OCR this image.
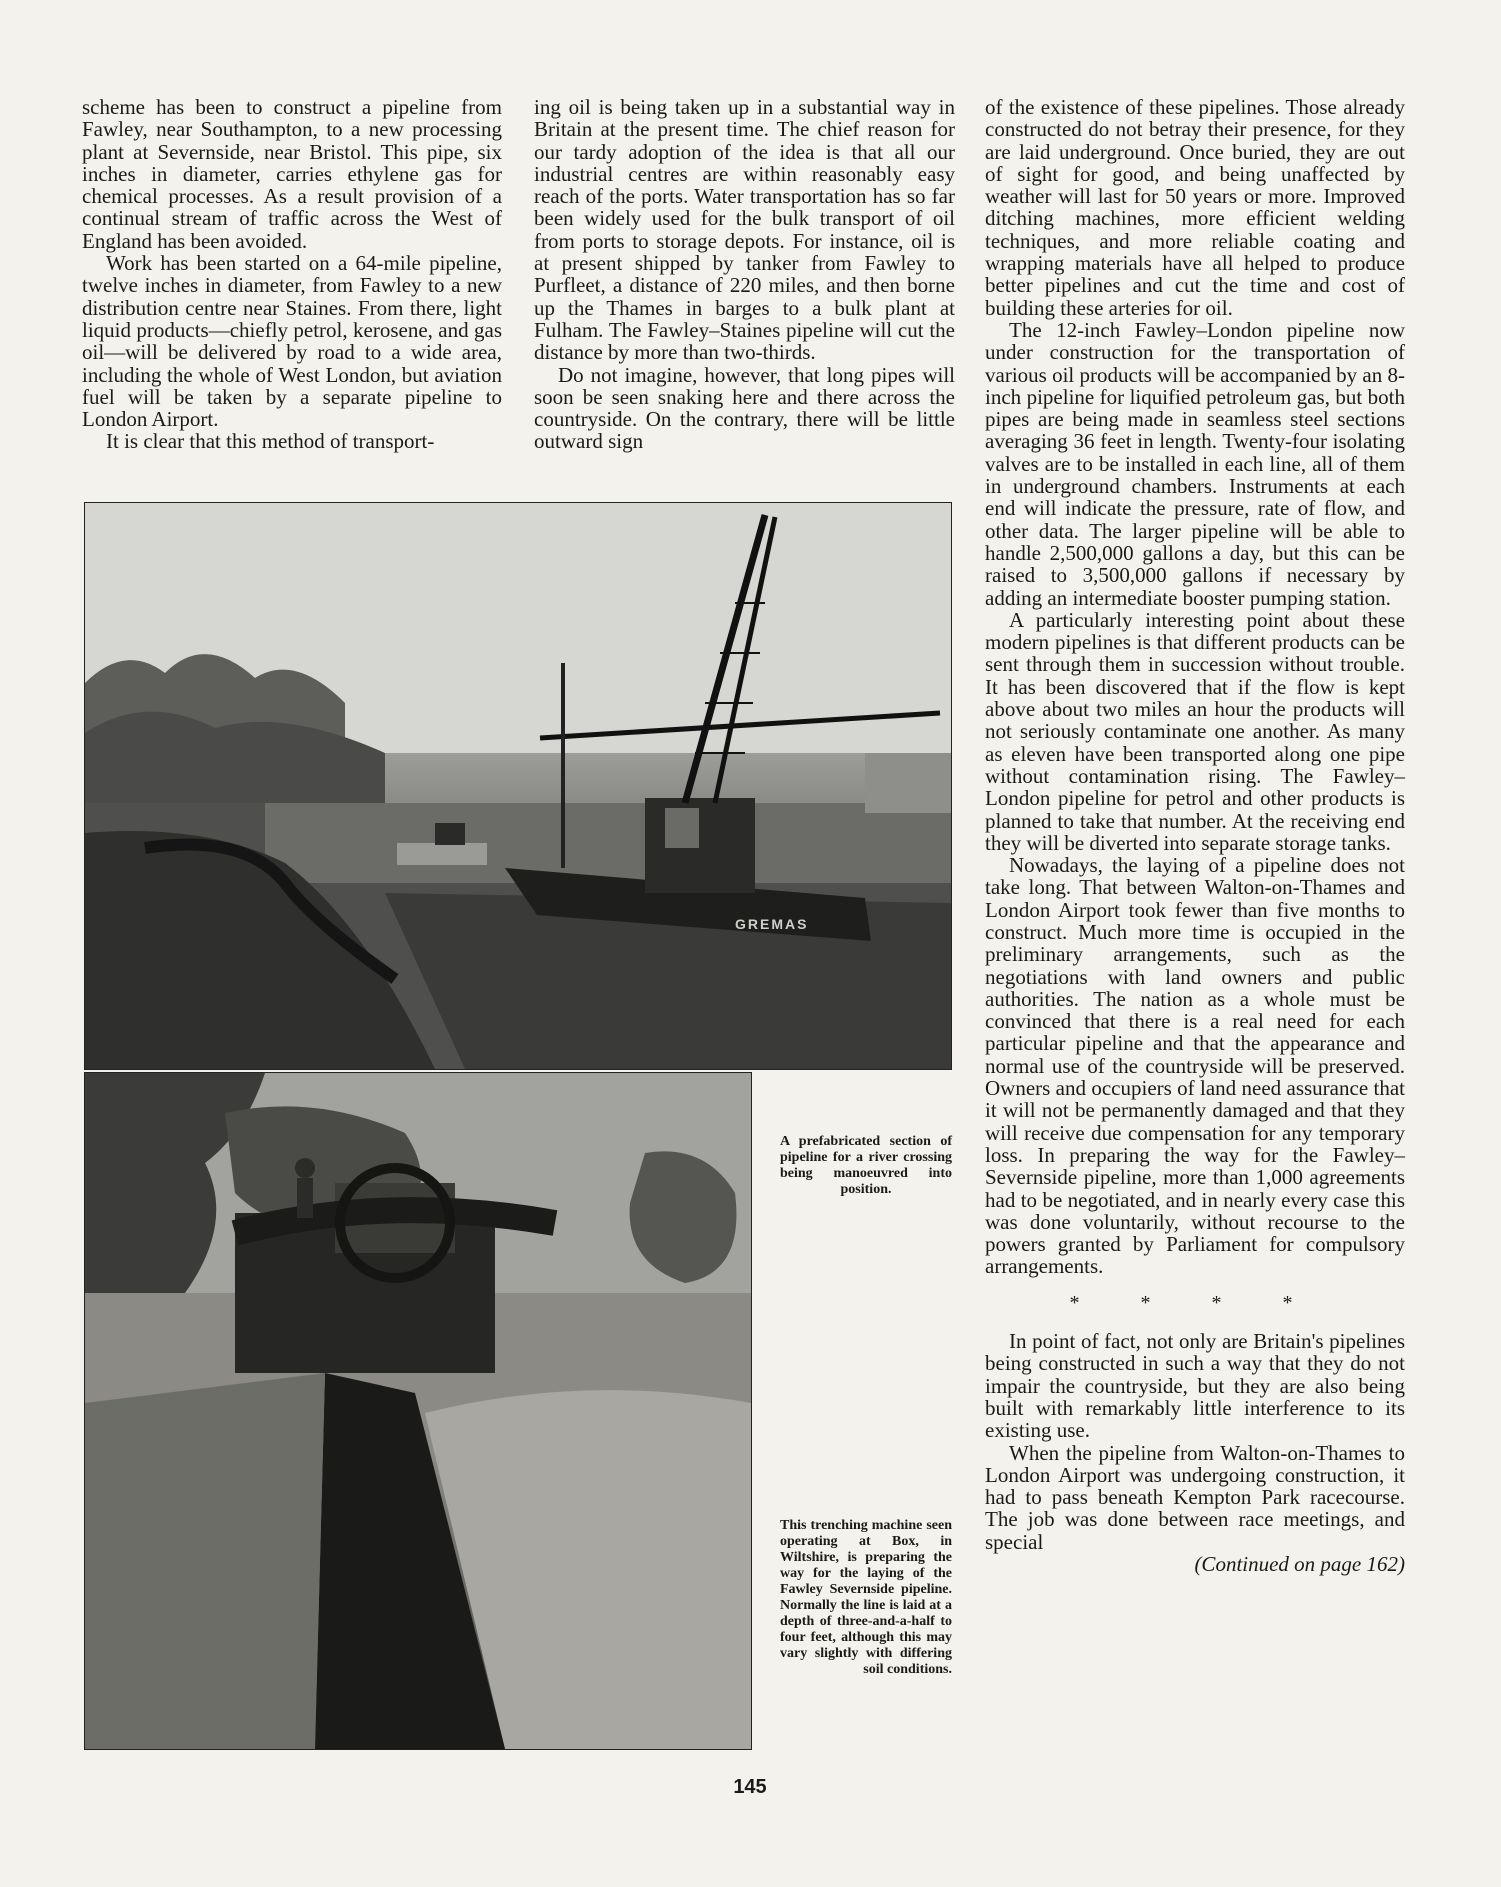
scheme has been to construct a pipeline from Fawley, near Southampton, to a new processing plant at Severnside, near Bristol. This pipe, six inches in diameter, carries ethylene gas for chemical processes. As a result provision of a continual stream of traffic across the West of England has been avoided.

Work has been started on a 64-mile pipeline, twelve inches in diameter, from Fawley to a new distribution centre near Staines. From there, light liquid products—chiefly petrol, kerosene, and gas oil—will be delivered by road to a wide area, including the whole of West London, but aviation fuel will be taken by a separate pipeline to London Airport.

It is clear that this method of transport-

ing oil is being taken up in a substantial way in Britain at the present time. The chief reason for our tardy adoption of the idea is that all our industrial centres are within reasonably easy reach of the ports. Water transportation has so far been widely used for the bulk transport of oil from ports to storage depots. For instance, oil is at present shipped by tanker from Fawley to Purfleet, a distance of 220 miles, and then borne up the Thames in barges to a bulk plant at Fulham. The Fawley–Staines pipeline will cut the distance by more than two-thirds.

Do not imagine, however, that long pipes will soon be seen snaking here and there across the countryside. On the contrary, there will be little outward sign

of the existence of these pipelines. Those already constructed do not betray their presence, for they are laid underground. Once buried, they are out of sight for good, and being unaffected by weather will last for 50 years or more. Improved ditching machines, more efficient welding techniques, and more reliable coating and wrapping materials have all helped to produce better pipelines and cut the time and cost of building these arteries for oil.

The 12-inch Fawley–London pipeline now under construction for the transportation of various oil products will be accompanied by an 8-inch pipeline for liquified petroleum gas, but both pipes are being made in seamless steel sections averaging 36 feet in length. Twenty-four isolating valves are to be installed in each line, all of them in underground chambers. Instruments at each end will indicate the pressure, rate of flow, and other data. The larger pipeline will be able to handle 2,500,000 gallons a day, but this can be raised to 3,500,000 gallons if necessary by adding an intermediate booster pumping station.

A particularly interesting point about these modern pipelines is that different products can be sent through them in succession without trouble. It has been discovered that if the flow is kept above about two miles an hour the products will not seriously contaminate one another. As many as eleven have been transported along one pipe without contamination rising. The Fawley–London pipeline for petrol and other products is planned to take that number. At the receiving end they will be diverted into separate storage tanks.

Nowadays, the laying of a pipeline does not take long. That between Walton-on-Thames and London Airport took fewer than five months to construct. Much more time is occupied in the preliminary arrangements, such as the negotiations with land owners and public authorities. The nation as a whole must be convinced that there is a real need for each particular pipeline and that the appearance and normal use of the countryside will be preserved. Owners and occupiers of land need assurance that it will not be permanently damaged and that they will receive due compensation for any temporary loss. In preparing the way for the Fawley–Severnside pipeline, more than 1,000 agreements had to be negotiated, and in nearly every case this was done voluntarily, without recourse to the powers granted by Parliament for compulsory arrangements.

* * * *

In point of fact, not only are Britain's pipelines being constructed in such a way that they do not impair the countryside, but they are also being built with remarkably little interference to its existing use.

When the pipeline from Walton-on-Thames to London Airport was undergoing construction, it had to pass beneath Kempton Park racecourse. The job was done between race meetings, and special

(Continued on page 162)

GREMAS
A prefabricated section of pipeline for a river crossing being manoeuvred into position.
This trenching machine seen operating at Box, in Wiltshire, is preparing the way for the laying of the Fawley Severnside pipeline. Normally the line is laid at a depth of three-and-a-half to four feet, although this may vary slightly with differing soil conditions.
145
